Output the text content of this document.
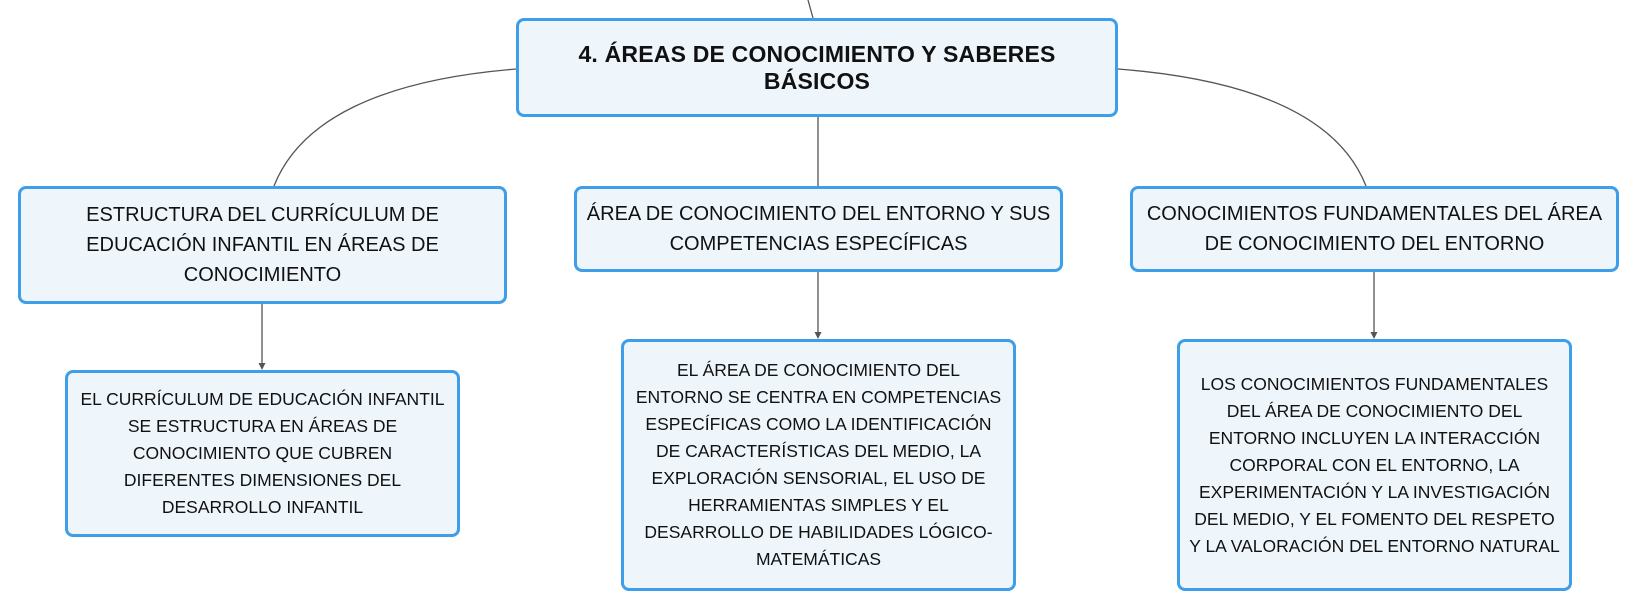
4. ÁREAS DE CONOCIMIENTO Y SABERES BÁSICOS
ESTRUCTURA DEL CURRÍCULUM DE EDUCACIÓN INFANTIL EN ÁREAS DE CONOCIMIENTO
ÁREA DE CONOCIMIENTO DEL ENTORNO Y SUS COMPETENCIAS ESPECÍFICAS
CONOCIMIENTOS FUNDAMENTALES DEL ÁREA DE CONOCIMIENTO DEL ENTORNO
EL CURRÍCULUM DE EDUCACIÓN INFANTIL SE ESTRUCTURA EN ÁREAS DE CONOCIMIENTO QUE CUBREN DIFERENTES DIMENSIONES DEL DESARROLLO INFANTIL
EL ÁREA DE CONOCIMIENTO DEL ENTORNO SE CENTRA EN COMPETENCIAS ESPECÍFICAS COMO LA IDENTIFICACIÓN DE CARACTERÍSTICAS DEL MEDIO, LA EXPLORACIÓN SENSORIAL, EL USO DE HERRAMIENTAS SIMPLES Y EL DESARROLLO DE HABILIDADES LÓGICO-MATEMÁTICAS
LOS CONOCIMIENTOS FUNDAMENTALES DEL ÁREA DE CONOCIMIENTO DEL ENTORNO INCLUYEN LA INTERACCIÓN CORPORAL CON EL ENTORNO, LA EXPERIMENTACIÓN Y LA INVESTIGACIÓN DEL MEDIO, Y EL FOMENTO DEL RESPETO Y LA VALORACIÓN DEL ENTORNO NATURAL
